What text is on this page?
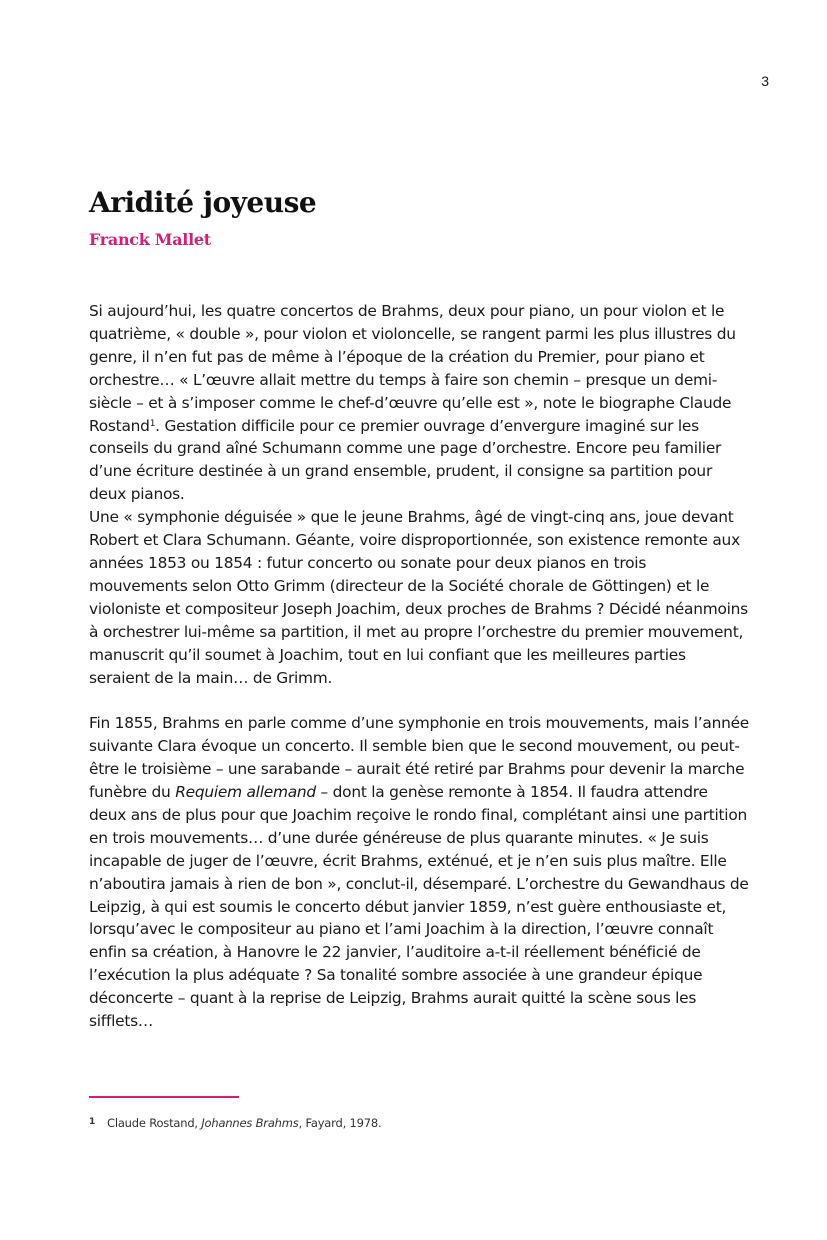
3
Aridité joyeuse
Franck Mallet

Si aujourd’hui, les quatre concertos de Brahms, deux pour piano, un pour violon et le quatrième, « double », pour violon et violoncelle, se rangent parmi les plus illustres du genre, il n’en fut pas de même à l’époque de la création du Premier, pour piano et orchestre… « L’œuvre allait mettre du temps à faire son chemin – presque un demi-siècle – et à s’imposer comme le chef-d’œuvre qu’elle est », note le biographe Claude Rostand$^1$. Gestation difficile pour ce premier ouvrage d’envergure imaginé sur les conseils du grand aîné Schumann comme une page d’orchestre. Encore peu familier d’une écriture destinée à un grand ensemble, prudent, il consigne sa partition pour deux pianos.

Une « symphonie déguisée » que le jeune Brahms, âgé de vingt-cinq ans, joue devant Robert et Clara Schumann. Géante, voire disproportionnée, son existence remonte aux années 1853 ou 1854 : futur concerto ou sonate pour deux pianos en trois mouvements selon Otto Grimm (directeur de la Société chorale de Göttingen) et le violoniste et compositeur Joseph Joachim, deux proches de Brahms ? Décidé néanmoins à orchestrer lui-même sa partition, il met au propre l’orchestre du premier mouvement, manuscrit qu’il soumet à Joachim, tout en lui confiant que les meilleures parties seraient de la main… de Grimm.

Fin 1855, Brahms en parle comme d’une symphonie en trois mouvements, mais l’année suivante Clara évoque un concerto. Il semble bien que le second mouvement, ou peut-être le troisième – une sarabande – aurait été retiré par Brahms pour devenir la marche funèbre du Requiem allemand – dont la genèse remonte à 1854. Il faudra attendre deux ans de plus pour que Joachim reçoive le rondo final, complétant ainsi une partition en trois mouvements… d’une durée généreuse de plus quarante minutes. « Je suis incapable de juger de l’œuvre, écrit Brahms, exténué, et je n’en suis plus maître. Elle n’aboutira jamais à rien de bon », conclut-il, désemparé. L’orchestre du Gewandhaus de Leipzig, à qui est soumis le concerto début janvier 1859, n’est guère enthousiaste et, lorsqu’avec le compositeur au piano et l’ami Joachim à la direction, l’œuvre connaît enfin sa création, à Hanovre le 22 janvier, l’auditoire a-t-il réellement bénéficié de l’exécution la plus adéquate ? Sa tonalité sombre associée à une grandeur épique déconcerte – quant à la reprise de Leipzig, Brahms aurait quitté la scène sous les sifflets…

1 Claude Rostand, Johannes Brahms, Fayard, 1978.
